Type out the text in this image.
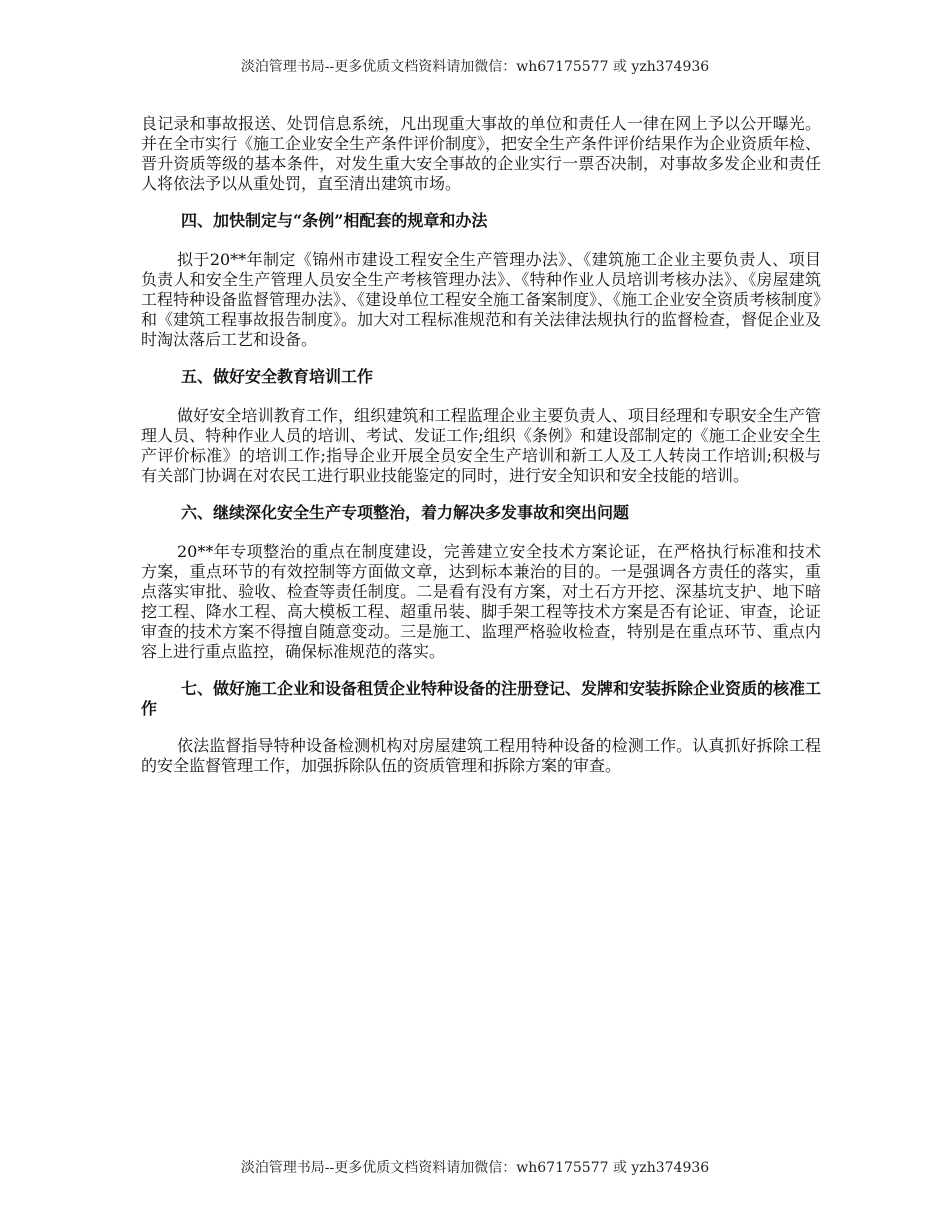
淡泊管理书局--更多优质文档资料请加微信：wh67175577 或 yzh374936

良记录和事故报送、处罚信息系统，凡出现重大事故的单位和责任人一律在网上予以公开曝光。并在全市实行《施工企业安全生产条件评价制度》，把安全生产条件评价结果作为企业资质年检、晋升资质等级的基本条件，对发生重大安全事故的企业实行一票否决制，对事故多发企业和责任人将依法予以从重处罚，直至清出建筑市场。

四、加快制定与“条例”相配套的规章和办法

拟于20**年制定《锦州市建设工程安全生产管理办法》、《建筑施工企业主要负责人、项目负责人和安全生产管理人员安全生产考核管理办法》、《特种作业人员培训考核办法》、《房屋建筑工程特种设备监督管理办法》、《建设单位工程安全施工备案制度》、《施工企业安全资质考核制度》和《建筑工程事故报告制度》。加大对工程标准规范和有关法律法规执行的监督检查，督促企业及时淘汰落后工艺和设备。

五、做好安全教育培训工作

做好安全培训教育工作，组织建筑和工程监理企业主要负责人、项目经理和专职安全生产管理人员、特种作业人员的培训、考试、发证工作;组织《条例》和建设部制定的《施工企业安全生产评价标准》的培训工作;指导企业开展全员安全生产培训和新工人及工人转岗工作培训;积极与有关部门协调在对农民工进行职业技能鉴定的同时，进行安全知识和安全技能的培训。

六、继续深化安全生产专项整治，着力解决多发事故和突出问题

20**年专项整治的重点在制度建设，完善建立安全技术方案论证，在严格执行标准和技术方案，重点环节的有效控制等方面做文章，达到标本兼治的目的。一是强调各方责任的落实，重点落实审批、验收、检查等责任制度。二是看有没有方案，对土石方开挖、深基坑支护、地下暗挖工程、降水工程、高大模板工程、超重吊装、脚手架工程等技术方案是否有论证、审查，论证审查的技术方案不得擅自随意变动。三是施工、监理严格验收检查，特别是在重点环节、重点内容上进行重点监控，确保标准规范的落实。

七、做好施工企业和设备租赁企业特种设备的注册登记、发牌和安装拆除企业资质的核准工作

依法监督指导特种设备检测机构对房屋建筑工程用特种设备的检测工作。认真抓好拆除工程的安全监督管理工作，加强拆除队伍的资质管理和拆除方案的审查。

淡泊管理书局--更多优质文档资料请加微信：wh67175577 或 yzh374936
